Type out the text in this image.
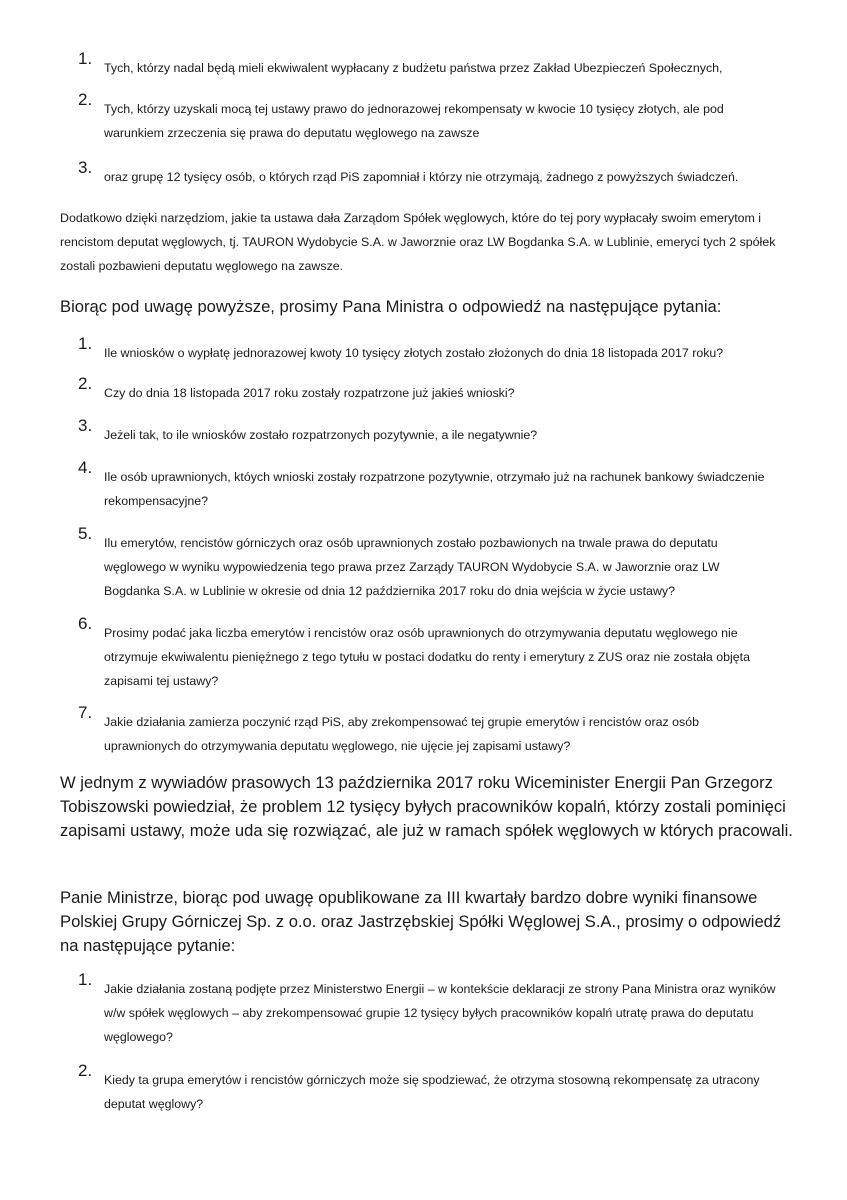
1. Tych, którzy nadal będą mieli ekwiwalent wypłacany z budżetu państwa przez Zakład Ubezpieczeń Społecznych,
2. Tych, którzy uzyskali mocą tej ustawy prawo do jednorazowej rekompensaty w kwocie 10 tysięcy złotych, ale pod warunkiem zrzeczenia się prawa do deputatu węglowego na zawsze
3. oraz grupę 12 tysięcy osób, o których rząd PiS zapomniał i którzy nie otrzymają, żadnego z powyższych świadczeń.
Dodatkowo dzięki narzędziom, jakie ta ustawa dała Zarządom Spółek węglowych, które do tej pory wypłacały swoim emerytom i rencistom deputat węglowych, tj. TAURON Wydobycie S.A. w Jaworznie oraz LW Bogdanka S.A. w Lublinie, emeryci tych 2 spółek zostali pozbawieni deputatu węglowego na zawsze.
Biorąc pod uwagę powyższe, prosimy Pana Ministra o odpowiedź na następujące pytania:
1. Ile wniosków o wypłatę jednorazowej kwoty 10 tysięcy złotych zostało złożonych do dnia 18 listopada 2017 roku?
2. Czy do dnia 18 listopada 2017 roku zostały rozpatrzone już jakieś wnioski?
3. Jeżeli tak, to ile wniosków zostało rozpatrzonych pozytywnie, a ile negatywnie?
4. Ile osób uprawnionych, któych wnioski zostały rozpatrzone pozytywnie, otrzymało już na rachunek bankowy świadczenie rekompensacyjne?
5. Ilu emerytów, rencistów górniczych oraz osób uprawnionych zostało pozbawionych na trwale prawa do deputatu węglowego w wyniku wypowiedzenia tego prawa przez Zarządy TAURON Wydobycie S.A. w Jaworznie oraz LW Bogdanka S.A. w Lublinie w okresie od dnia 12 października 2017 roku do dnia wejścia w życie ustawy?
6. Prosimy podać jaka liczba emerytów i rencistów oraz osób uprawnionych do otrzymywania deputatu węglowego nie otrzymuje ekwiwalentu pieniężnego z tego tytułu w postaci dodatku do renty i emerytury z ZUS oraz nie została objęta zapisami tej ustawy?
7. Jakie działania zamierza poczynić rząd PiS, aby zrekompensować tej grupie emerytów i rencistów oraz osób uprawnionych do otrzymywania deputatu węglowego, nie ujęcie jej zapisami ustawy?
W jednym z wywiadów prasowych 13 października 2017 roku Wiceminister Energii Pan Grzegorz Tobiszowski powiedział, że problem 12 tysięcy byłych pracowników kopalń, którzy zostali pominięci zapisami ustawy, może uda się rozwiązać, ale już w ramach spółek węglowych w których pracowali.
Panie Ministrze, biorąc pod uwagę opublikowane za III kwartały bardzo dobre wyniki finansowe Polskiej Grupy Górniczej Sp. z o.o. oraz Jastrzębskiej Spółki Węglowej S.A., prosimy o odpowiedź na następujące pytanie:
1. Jakie działania zostaną podjęte przez Ministerstwo Energii – w kontekście deklaracji ze strony Pana Ministra oraz wyników w/w spółek węglowych – aby zrekompensować grupie 12 tysięcy byłych pracowników kopalń utratę prawa do deputatu węglowego?
2. Kiedy ta grupa emerytów i rencistów górniczych może się spodziewać, że otrzyma stosowną rekompensatę za utracony deputat węglowy?
